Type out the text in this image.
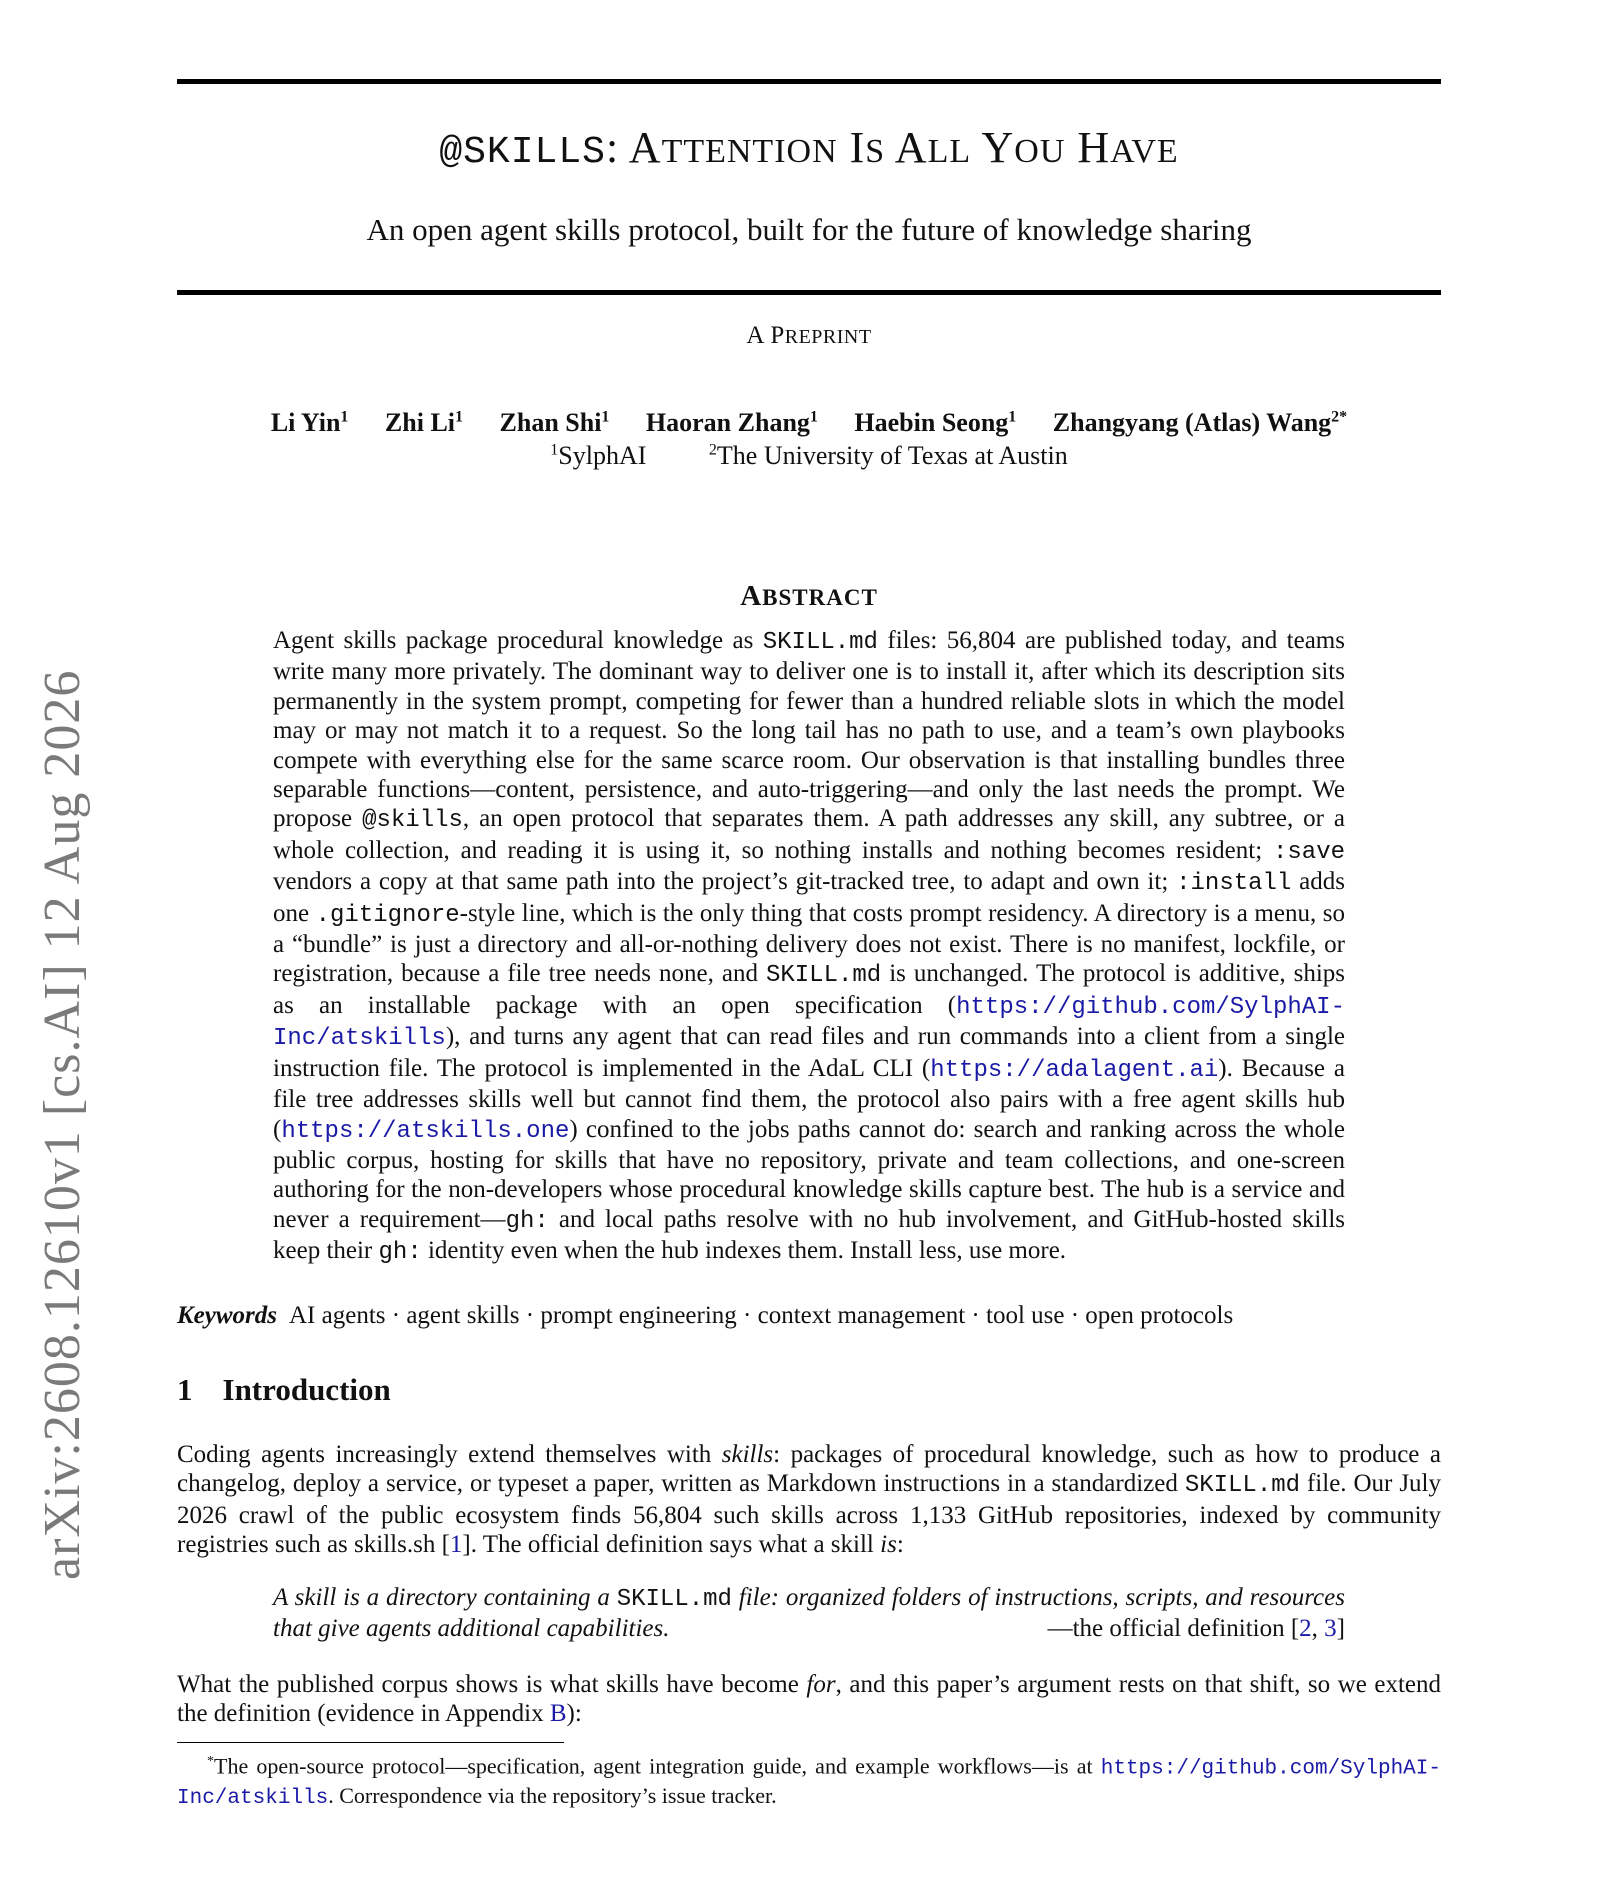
arXiv:2608.12610v1 [cs.AI] 12 Aug 2026
@SKILLS: ATTENTION IS ALL YOU HAVE
An open agent skills protocol, built for the future of knowledge sharing
A PREPRINT
Li Yin$^1$ Zhi Li$^1$ Zhan Shi$^1$ Haoran Zhang$^1$ Haebin Seong$^1$ Zhangyang (Atlas) Wang$^{2*}$
$^1$SylphAI	$^2$The University of Texas at Austin
ABSTRACT
Agent skills package procedural knowledge as SKILL.md files: 56,804 are published today, and teams write many more privately. The dominant way to deliver one is to install it, after which its description sits permanently in the system prompt, competing for fewer than a hundred reliable slots in which the model may or may not match it to a request. So the long tail has no path to use, and a team’s own playbooks compete with everything else for the same scarce room. Our observation is that installing bundles three separable functions—content, persistence, and auto-triggering—and only the last needs the prompt. We propose @skills, an open protocol that separates them. A path addresses any skill, any subtree, or a whole collection, and reading it is using it, so nothing installs and nothing becomes resident; :save vendors a copy at that same path into the project’s git-tracked tree, to adapt and own it; :install adds one .gitignore-style line, which is the only thing that costs prompt residency. A directory is a menu, so a “bundle” is just a directory and all-or-nothing delivery does not exist. There is no manifest, lockfile, or registration, because a file tree needs none, and SKILL.md is unchanged. The protocol is additive, ships as an installable package with an open specification (https://github.com/SylphAI-Inc/atskills), and turns any agent that can read files and run commands into a client from a single instruction file. The protocol is implemented in the AdaL CLI (https://adalagent.ai). Because a file tree addresses skills well but cannot find them, the protocol also pairs with a free agent skills hub (https://atskills.one) confined to the jobs paths cannot do: search and ranking across the whole public corpus, hosting for skills that have no repository, private and team collections, and one-screen authoring for the non-developers whose procedural knowledge skills capture best. The hub is a service and never a requirement—gh: and local paths resolve with no hub involvement, and GitHub-hosted skills keep their gh: identity even when the hub indexes them. Install less, use more.
Keywords AI agents · agent skills · prompt engineering · context management · tool use · open protocols
1 Introduction
Coding agents increasingly extend themselves with skills: packages of procedural knowledge, such as how to produce a changelog, deploy a service, or typeset a paper, written as Markdown instructions in a standardized SKILL.md file. Our July 2026 crawl of the public ecosystem finds 56,804 such skills across 1,133 GitHub repositories, indexed by community registries such as skills.sh [1]. The official definition says what a skill is:
A skill is a directory containing a SKILL.md file: organized folders of instructions, scripts, and resources that give agents additional capabilities.	—the official definition [2, 3]
What the published corpus shows is what skills have become for, and this paper’s argument rests on that shift, so we extend the definition (evidence in Appendix B):
*The open-source protocol—specification, agent integration guide, and example workflows—is at https://github.com/SylphAI-Inc/atskills. Correspondence via the repository’s issue tracker.
